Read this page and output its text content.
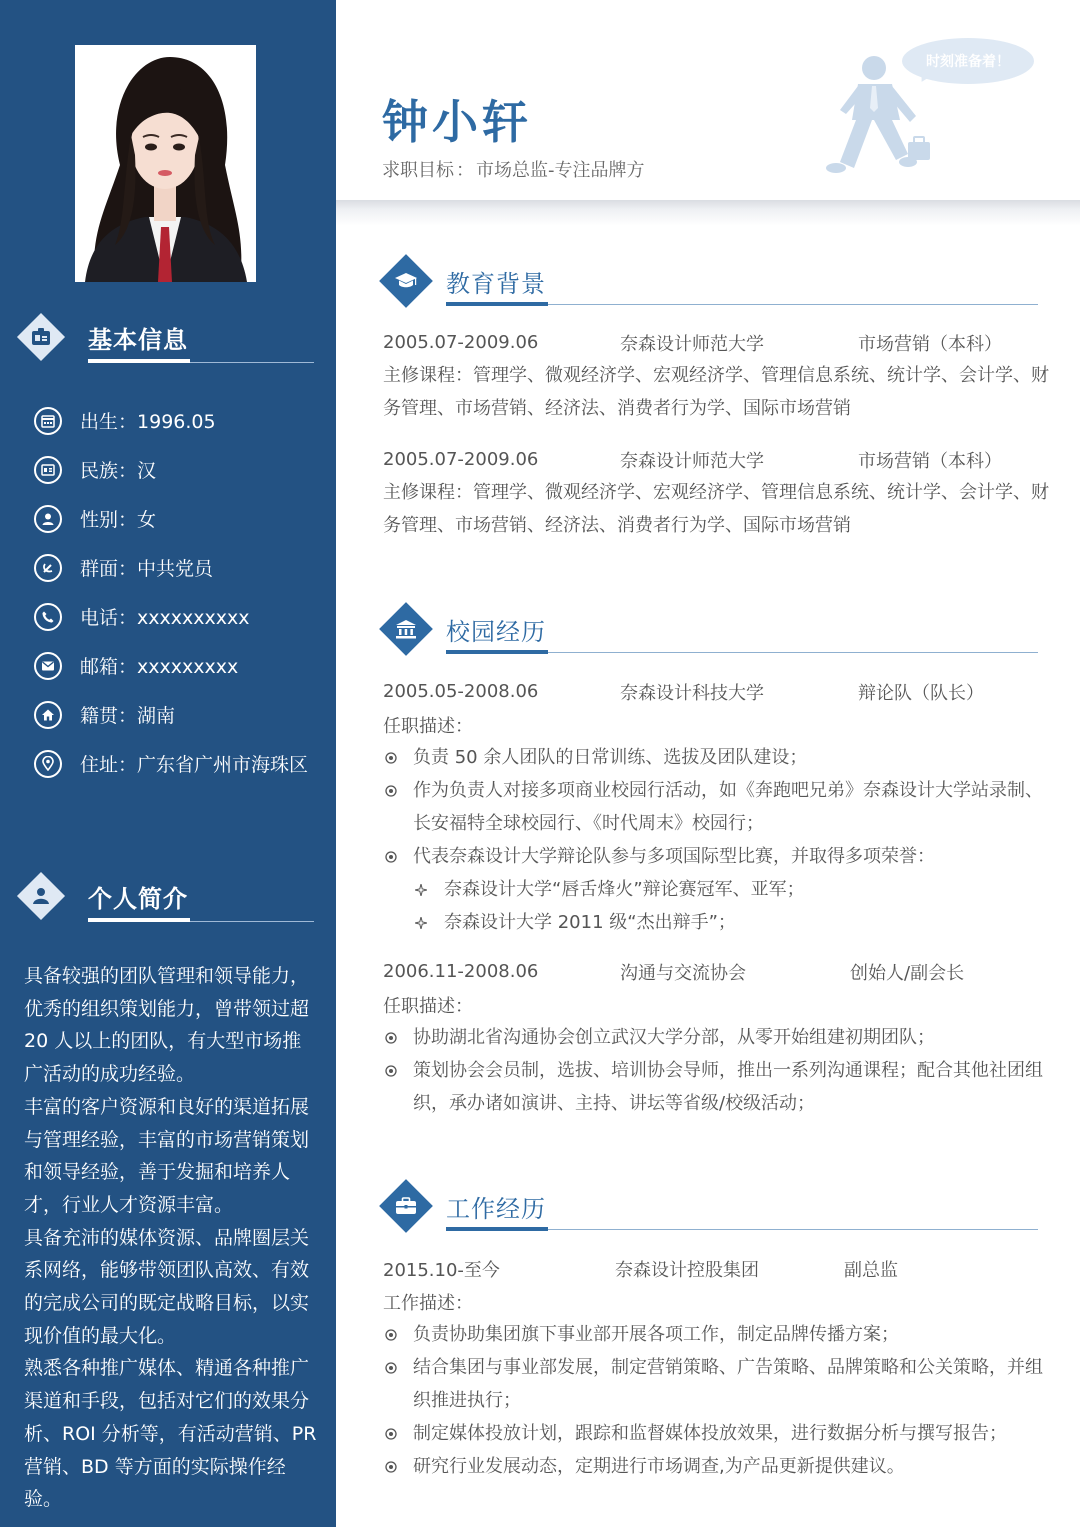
基本信息
出生：1996.05
民族：汉
性别：女
群面：中共党员
电话：xxxxxxxxxx
邮箱：xxxxxxxxx
籍贯：湖南
住址：广东省广州市海珠区
个人简介

具备较强的团队管理和领导能力，优秀的组织策划能力，曾带领过超 20 人以上的团队，有大型市场推广活动的成功经验。

丰富的客户资源和良好的渠道拓展与管理经验，丰富的市场营销策划和领导经验，善于发掘和培养人才，行业人才资源丰富。

具备充沛的媒体资源、品牌圈层关系网络，能够带领团队高效、有效的完成公司的既定战略目标，以实现价值的最大化。

熟悉各种推广媒体、精通各种推广渠道和手段，包括对它们的效果分析、ROI 分析等，有活动营销、PR 营销、BD 等方面的实际操作经验。

钟小轩
求职目标 ： 市场总监-专注品牌方
时刻准备着！
教育背景
2005.07-2009.06	奈森设计师范大学	市场营销（本科）

主修课程：管理学、微观经济学、宏观经济学、管理信息系统、统计学、会计学、财务管理、市场营销、经济法、消费者行为学、国际市场营销

2005.07-2009.06	奈森设计师范大学	市场营销（本科）

主修课程：管理学、微观经济学、宏观经济学、管理信息系统、统计学、会计学、财务管理、市场营销、经济法、消费者行为学、国际市场营销

校园经历
2005.05-2008.06	奈森设计科技大学	辩论队（队长）
任职描述：
负责 50 余人团队的日常训练、选拔及团队建设；
作为负责人对接多项商业校园行活动，如《奔跑吧兄弟》奈森设计大学站录制、长安福特全球校园行、《时代周末》校园行；
代表奈森设计大学辩论队参与多项国际型比赛，并取得多项荣誉：
奈森设计大学“唇舌烽火”辩论赛冠军、亚军；
奈森设计大学 2011 级“杰出辩手”；
2006.11-2008.06	沟通与交流协会	创始人/副会长
任职描述：
协助湖北省沟通协会创立武汉大学分部，从零开始组建初期团队；
策划协会会员制，选拔、培训协会导师，推出一系列沟通课程；配合其他社团组织，承办诸如演讲、主持、讲坛等省级/校级活动；
工作经历
2015.10-至今	奈森设计控股集团	副总监
工作描述：
负责协助集团旗下事业部开展各项工作，制定品牌传播方案；
结合集团与事业部发展，制定营销策略、广告策略、品牌策略和公关策略，并组织推进执行；
制定媒体投放计划，跟踪和监督媒体投放效果，进行数据分析与撰写报告；
研究行业发展动态，定期进行市场调查,为产品更新提供建议。
